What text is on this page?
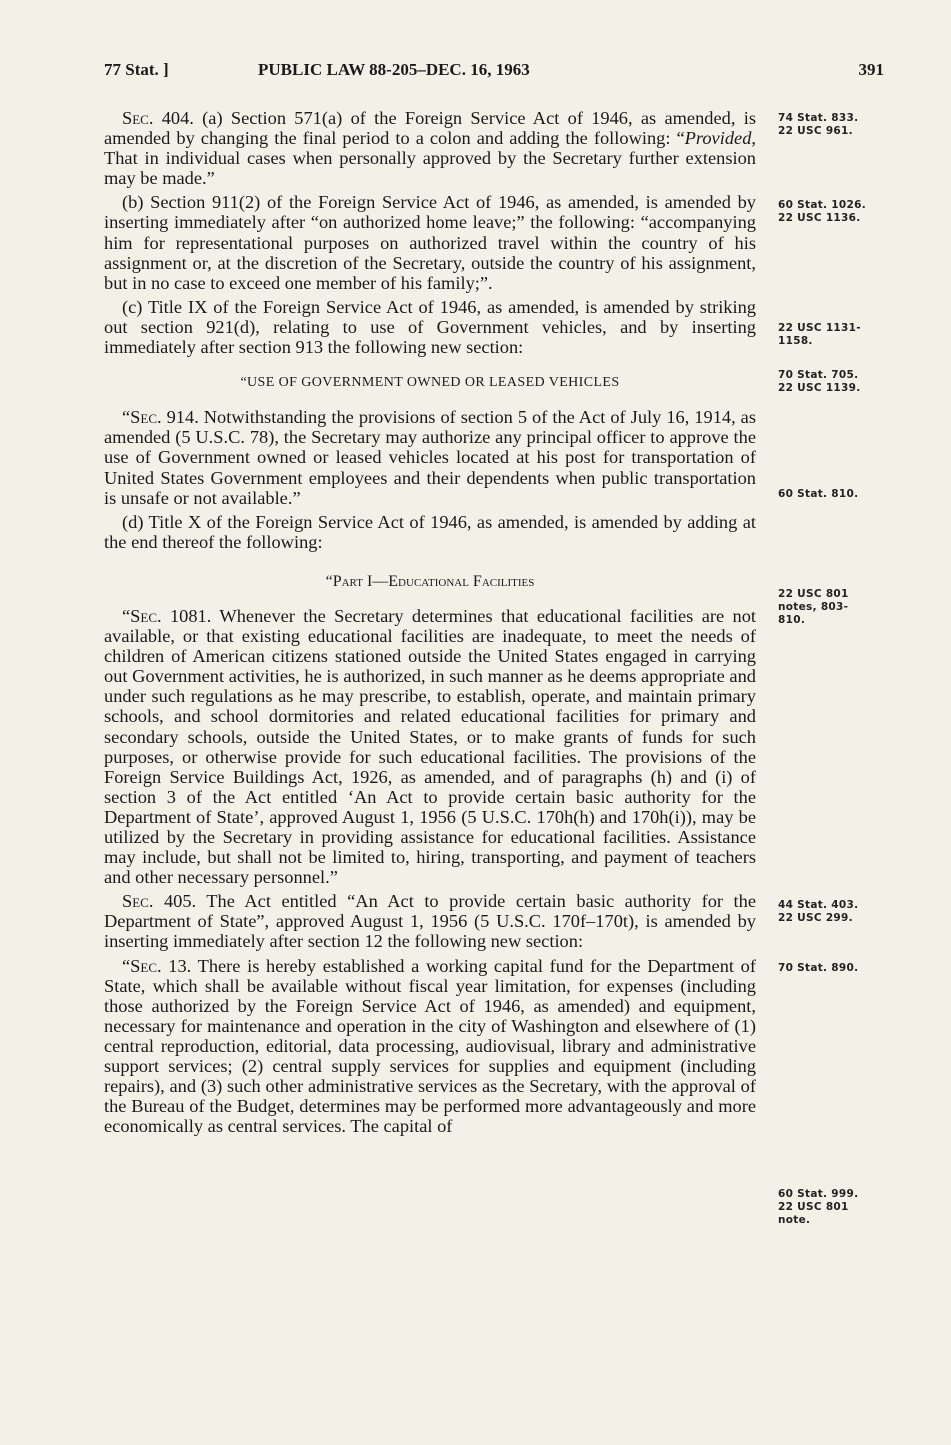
77 Stat. ]	PUBLIC LAW 88-205–DEC. 16, 1963	391

Sec. 404. (a) Section 571(a) of the Foreign Service Act of 1946, as amended, is amended by changing the final period to a colon and adding the following: “Provided, That in individual cases when personally approved by the Secretary further extension may be made.”

(b) Section 911(2) of the Foreign Service Act of 1946, as amended, is amended by inserting immediately after “on authorized home leave;” the following: “accompanying him for representational purposes on authorized travel within the country of his assignment or, at the discretion of the Secretary, outside the country of his assignment, but in no case to exceed one member of his family;”.

(c) Title IX of the Foreign Service Act of 1946, as amended, is amended by striking out section 921(d), relating to use of Government vehicles, and by inserting immediately after section 913 the following new section:

“USE OF GOVERNMENT OWNED OR LEASED VEHICLES

“Sec. 914. Notwithstanding the provisions of section 5 of the Act of July 16, 1914, as amended (5 U.S.C. 78), the Secretary may authorize any principal officer to approve the use of Government owned or leased vehicles located at his post for transportation of United States Government employees and their dependents when public transportation is unsafe or not available.”

(d) Title X of the Foreign Service Act of 1946, as amended, is amended by adding at the end thereof the following:

“Part I—Educational Facilities

“Sec. 1081. Whenever the Secretary determines that educational facilities are not available, or that existing educational facilities are inadequate, to meet the needs of children of American citizens stationed outside the United States engaged in carrying out Government activities, he is authorized, in such manner as he deems appropriate and under such regulations as he may prescribe, to establish, operate, and maintain primary schools, and school dormitories and related educational facilities for primary and secondary schools, outside the United States, or to make grants of funds for such purposes, or otherwise provide for such educational facilities. The provisions of the Foreign Service Buildings Act, 1926, as amended, and of paragraphs (h) and (i) of section 3 of the Act entitled ‘An Act to provide certain basic authority for the Department of State’, approved August 1, 1956 (5 U.S.C. 170h(h) and 170h(i)), may be utilized by the Secretary in providing assistance for educational facilities. Assistance may include, but shall not be limited to, hiring, transporting, and payment of teachers and other necessary personnel.”

Sec. 405. The Act entitled “An Act to provide certain basic authority for the Department of State”, approved August 1, 1956 (5 U.S.C. 170f–170t), is amended by inserting immediately after section 12 the following new section:

“Sec. 13. There is hereby established a working capital fund for the Department of State, which shall be available without fiscal year limitation, for expenses (including those authorized by the Foreign Service Act of 1946, as amended) and equipment, necessary for maintenance and operation in the city of Washington and elsewhere of (1) central reproduction, editorial, data processing, audiovisual, library and administrative support services; (2) central supply services for supplies and equipment (including repairs), and (3) such other administrative services as the Secretary, with the approval of the Bureau of the Budget, determines may be performed more advantageously and more economically as central services. The capital of

74 Stat. 833.
22 USC 961.
60 Stat. 1026.
22 USC 1136.
22 USC 1131-
1158.
70 Stat. 705.
22 USC 1139.
60 Stat. 810.
22 USC 801
notes, 803-
810.
44 Stat. 403.
22 USC 299.
70 Stat. 890.
60 Stat. 999.
22 USC 801
note.
